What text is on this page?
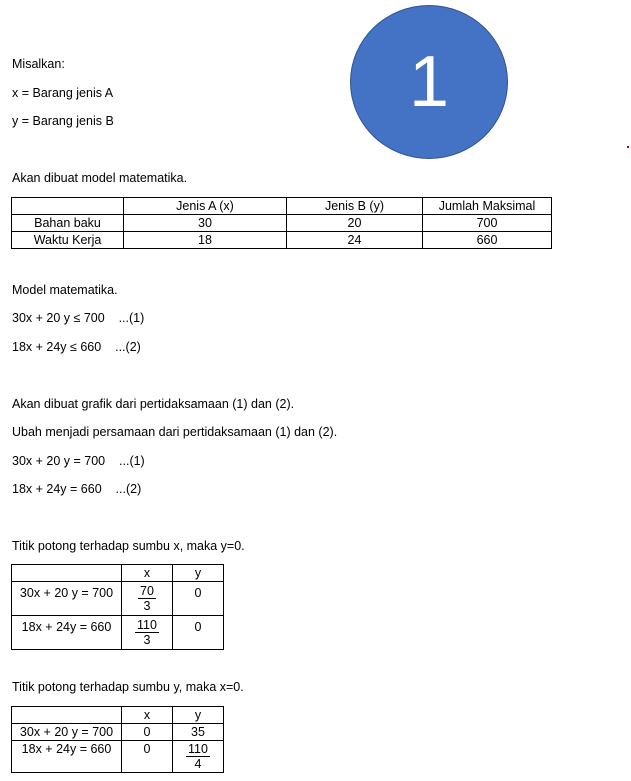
1
Misalkan:
x = Barang jenis A
y = Barang jenis B
Akan dibuat model matematika.
	Jenis A (x)	Jenis B (y)	Jumlah Maksimal
Bahan baku	30	20	700
Waktu Kerja	18	24	660
Model matematika.
30x + 20 y ≤ 700    ...(1)
18x + 24y ≤ 660    ...(2)
Akan dibuat grafik dari pertidaksamaan (1) dan (2).
Ubah menjadi persamaan dari pertidaksamaan (1) dan (2).
30x + 20 y = 700    ...(1)
18x + 24y = 660    ...(2)
Titik potong terhadap sumbu x, maka y=0.
	x	y
30x + 20 y = 700	$\frac{70}{3}$	0
18x + 24y = 660	$\frac{110}{3}$	0
Titik potong terhadap sumbu y, maka x=0.
	x	y
30x + 20 y = 700	0	35
18x + 24y = 660	0	$\frac{110}{4}$
